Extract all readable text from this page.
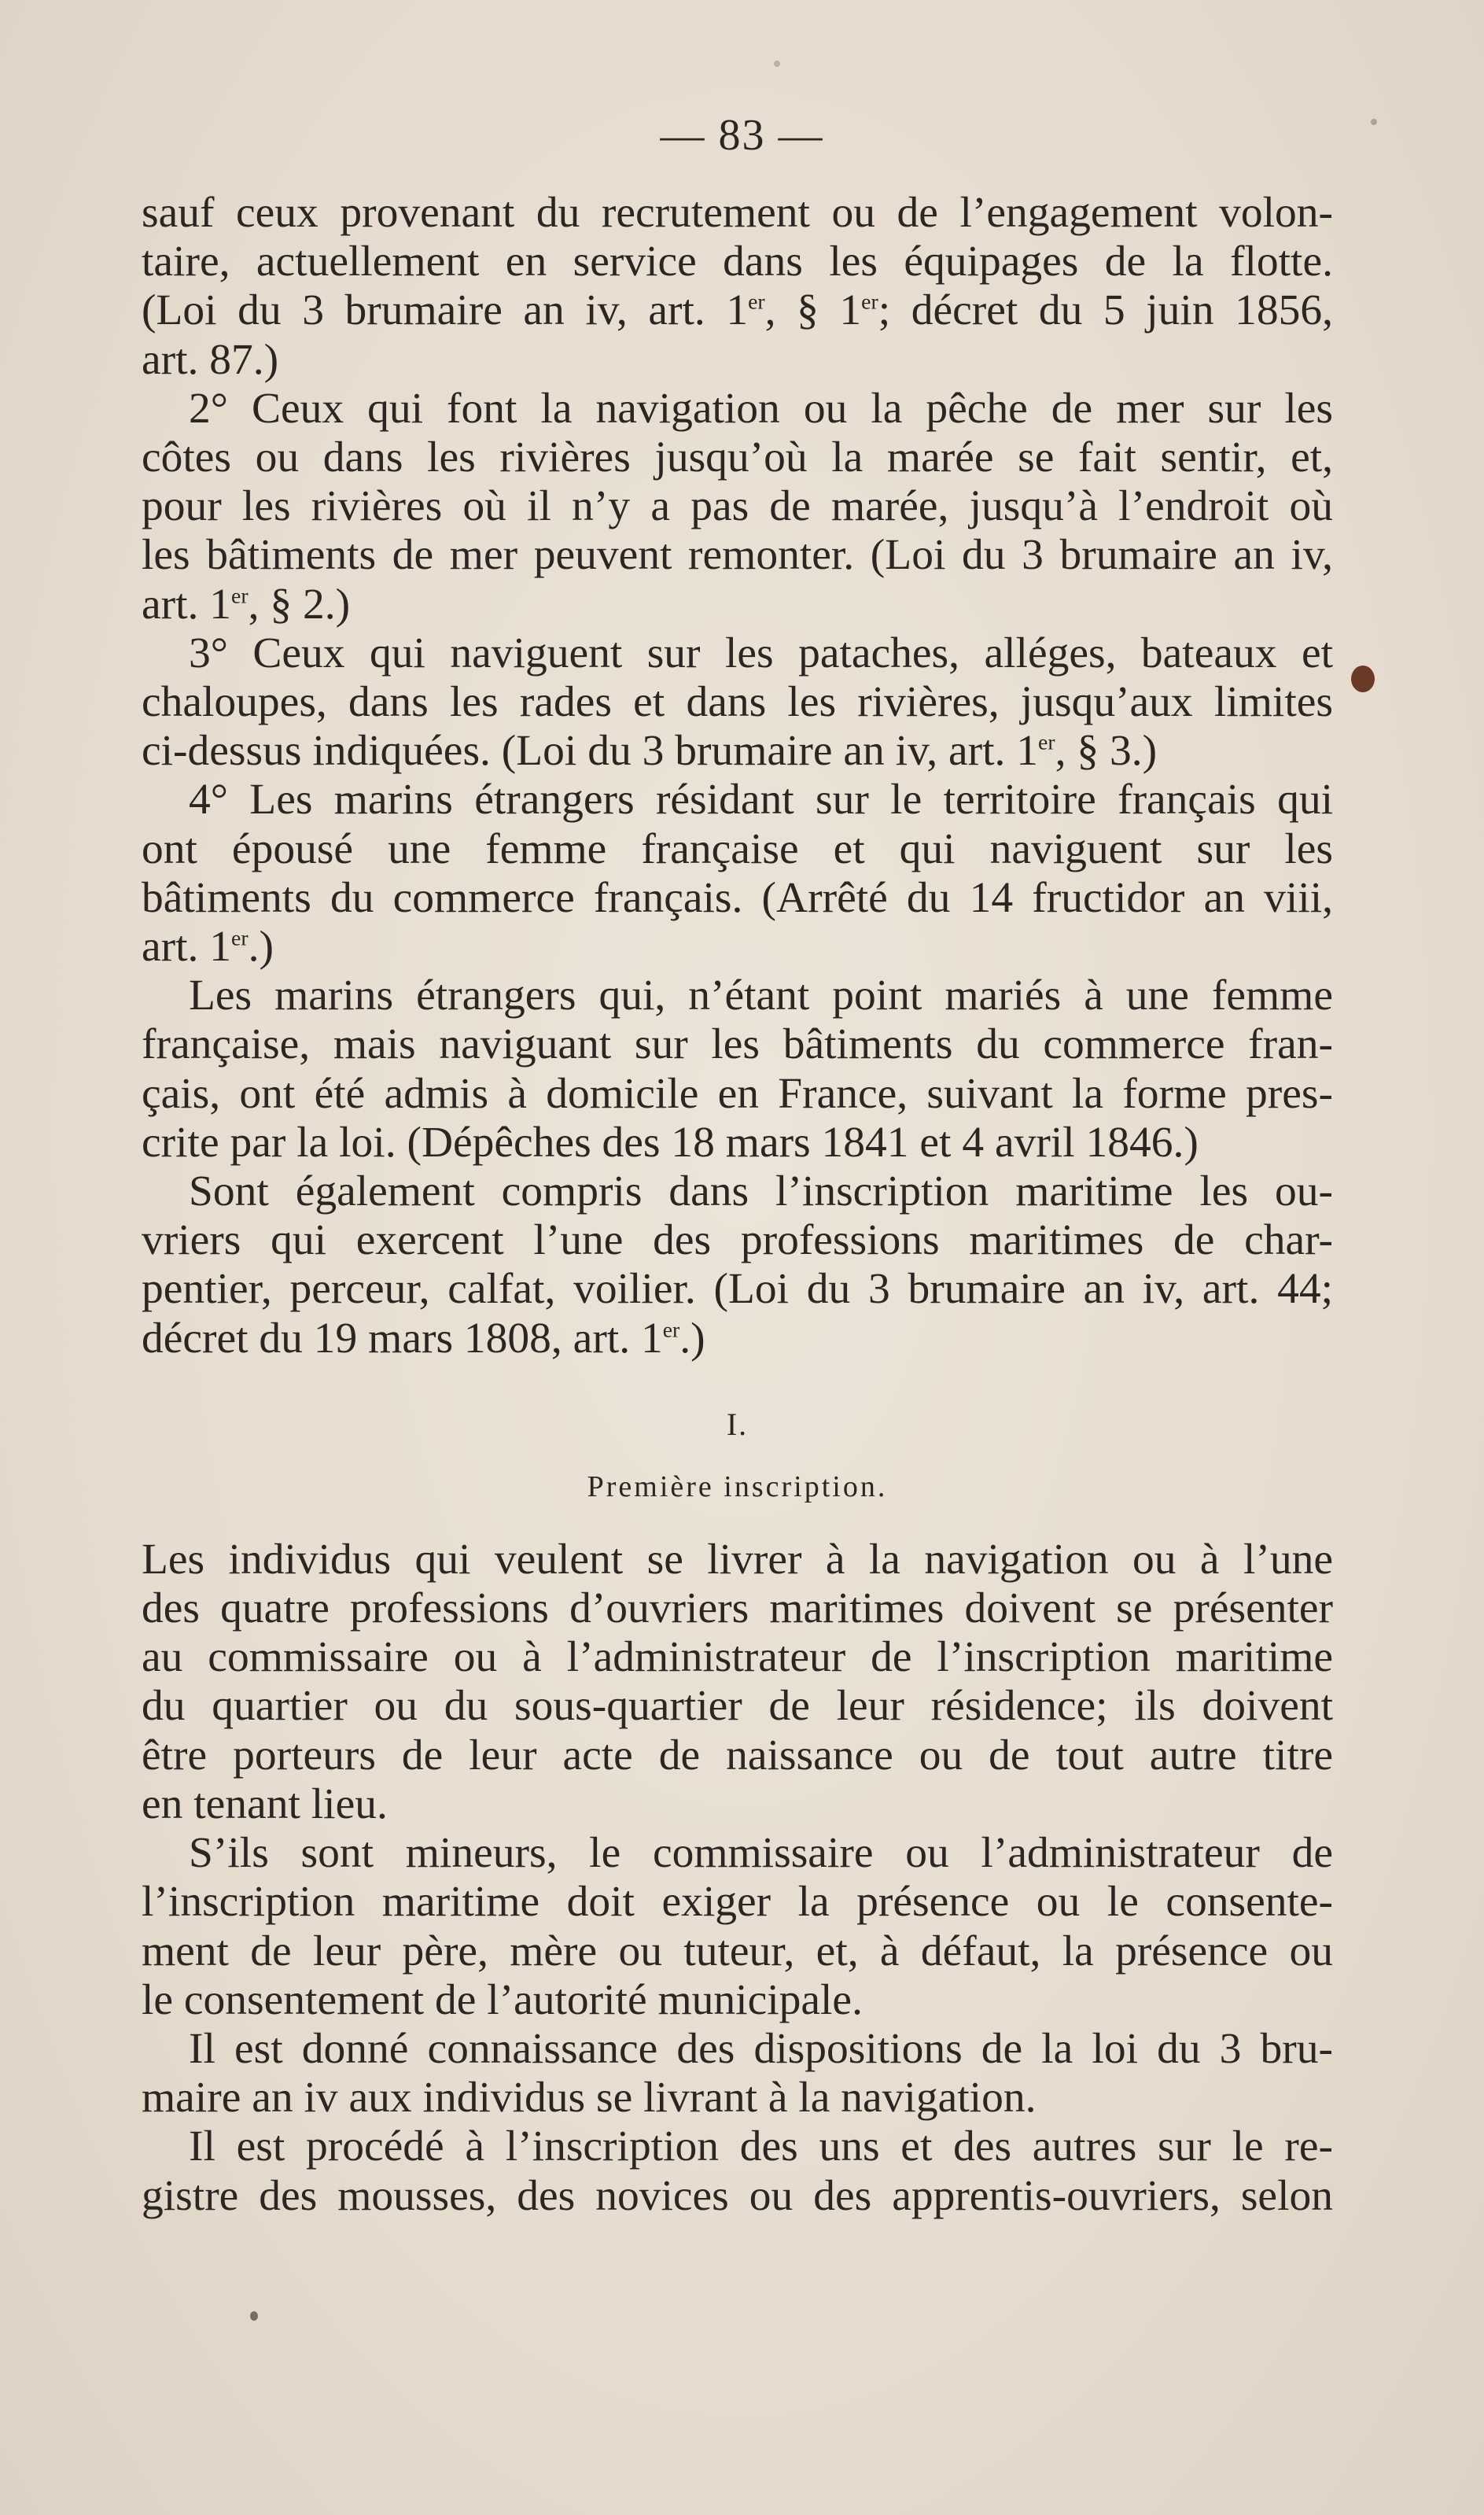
— 83 —
sauf ceux provenant du recrutement ou de l’engagement volon-
taire, actuellement en service dans les équipages de la flotte.
(Loi du 3 brumaire an iv, art. 1er, § 1er; décret du 5 juin 1856,
art. 87.)
2° Ceux qui font la navigation ou la pêche de mer sur les
côtes ou dans les rivières jusqu’où la marée se fait sentir, et,
pour les rivières où il n’y a pas de marée, jusqu’à l’endroit où
les bâtiments de mer peuvent remonter. (Loi du 3 brumaire an iv,
art. 1er, § 2.)
3° Ceux qui naviguent sur les pataches, alléges, bateaux et
chaloupes, dans les rades et dans les rivières, jusqu’aux limites
ci-dessus indiquées. (Loi du 3 brumaire an iv, art. 1er, § 3.)
4° Les marins étrangers résidant sur le territoire français qui
ont épousé une femme française et qui naviguent sur les
bâtiments du commerce français. (Arrêté du 14 fructidor an viii,
art. 1er.)
Les marins étrangers qui, n’étant point mariés à une femme
française, mais naviguant sur les bâtiments du commerce fran-
çais, ont été admis à domicile en France, suivant la forme pres-
crite par la loi. (Dépêches des 18 mars 1841 et 4 avril 1846.)
Sont également compris dans l’inscription maritime les ou-
vriers qui exercent l’une des professions maritimes de char-
pentier, perceur, calfat, voilier. (Loi du 3 brumaire an iv, art. 44;
décret du 19 mars 1808, art. 1er.)
I.
Première inscription.
Les individus qui veulent se livrer à la navigation ou à l’une
des quatre professions d’ouvriers maritimes doivent se présenter
au commissaire ou à l’administrateur de l’inscription maritime
du quartier ou du sous-quartier de leur résidence; ils doivent
être porteurs de leur acte de naissance ou de tout autre titre
en tenant lieu.
S’ils sont mineurs, le commissaire ou l’administrateur de
l’inscription maritime doit exiger la présence ou le consente-
ment de leur père, mère ou tuteur, et, à défaut, la présence ou
le consentement de l’autorité municipale.
Il est donné connaissance des dispositions de la loi du 3 bru-
maire an iv aux individus se livrant à la navigation.
Il est procédé à l’inscription des uns et des autres sur le re-
gistre des mousses, des novices ou des apprentis-ouvriers, selon
